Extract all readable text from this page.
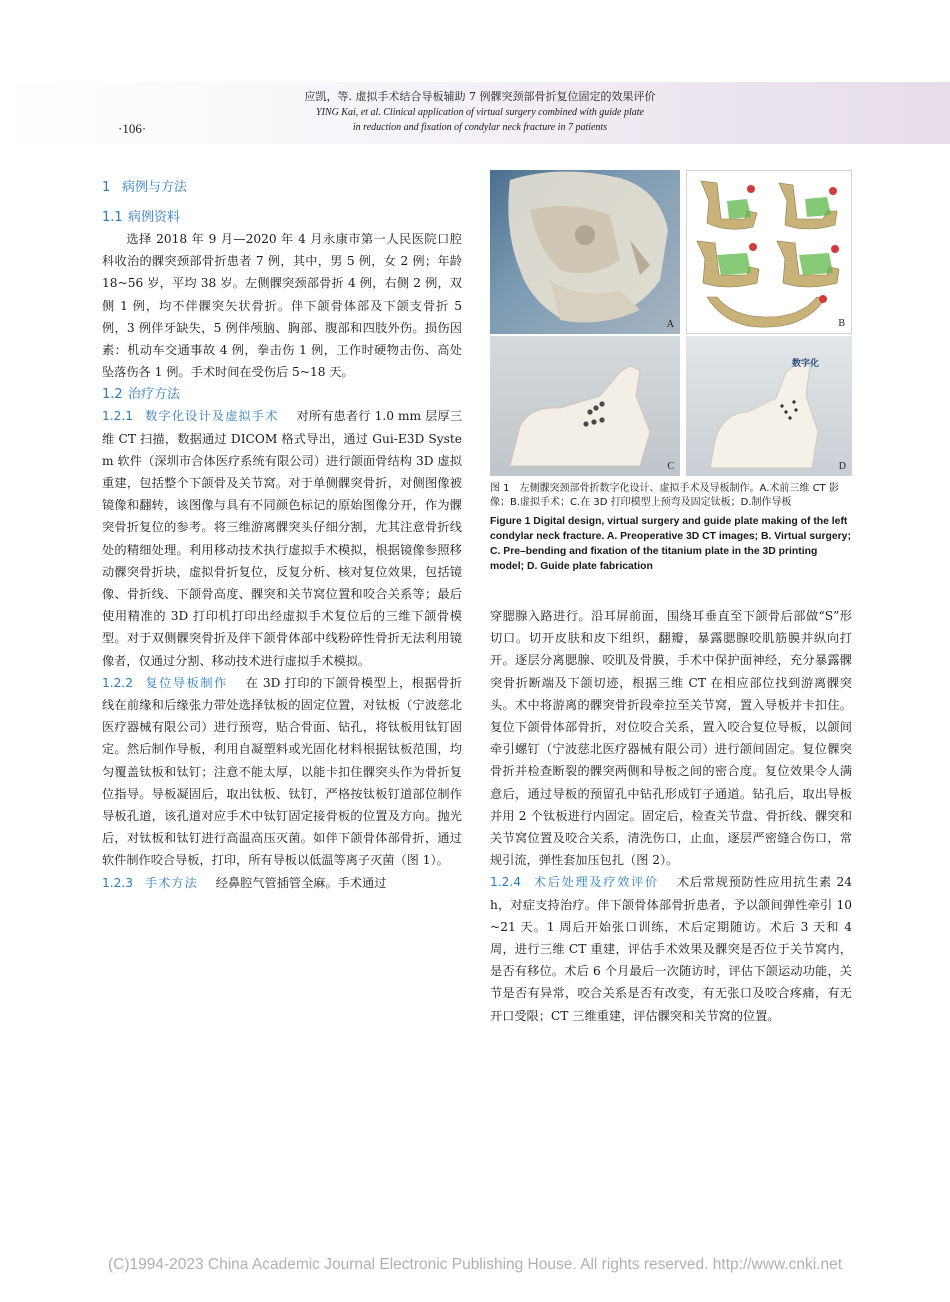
·106·
应凯，等. 虚拟手术结合导板辅助 7 例髁突颈部骨折复位固定的效果评价
YING Kai, et al. Clinical application of virtual surgery combined with guide plate
in reduction and fixation of condylar neck fracture in 7 patients
1 病例与方法
1.1 病例资料

选择 2018 年 9 月—2020 年 4 月永康市第一人民医院口腔科收治的髁突颈部骨折患者 7 例，其中，男 5 例，女 2 例；年龄 18~56 岁，平均 38 岁。左侧髁突颈部骨折 4 例，右侧 2 例，双侧 1 例，均不伴髁突矢状骨折。伴下颌骨体部及下颌支骨折 5 例，3 例伴牙缺失，5 例伴颅脑、胸部、腹部和四肢外伤。损伤因素：机动车交通事故 4 例，拳击伤 1 例，工作时硬物击伤、高处坠落伤各 1 例。手术时间在受伤后 5~18 天。

1.2 治疗方法

1.2.1 数字化设计及虚拟手术 对所有患者行 1.0 mm 层厚三维 CT 扫描，数据通过 DICOM 格式导出，通过 Gui-E3D System 软件（深圳市合体医疗系统有限公司）进行颌面骨结构 3D 虚拟重建，包括整个下颌骨及关节窝。对于单侧髁突骨折，对侧图像被镜像和翻转，该图像与具有不同颜色标记的原始图像分开，作为髁突骨折复位的参考。将三维游离髁突头仔细分割，尤其注意骨折线处的精细处理。利用移动技术执行虚拟手术模拟，根据镜像参照移动髁突骨折块，虚拟骨折复位，反复分析、核对复位效果，包括镜像、骨折线、下颌骨高度、髁突和关节窝位置和咬合关系等；最后使用精准的 3D 打印机打印出经虚拟手术复位后的三维下颌骨模型。对于双侧髁突骨折及伴下颌骨体部中线粉碎性骨折无法利用镜像者，仅通过分割、移动技术进行虚拟手术模拟。

1.2.2 复位导板制作 在 3D 打印的下颌骨模型上，根据骨折线在前缘和后缘张力带处选择钛板的固定位置，对钛板（宁波慈北医疗器械有限公司）进行预弯，贴合骨面、钻孔，将钛板用钛钉固定。然后制作导板，利用自凝塑料或光固化材料根据钛板范围，均匀覆盖钛板和钛钉；注意不能太厚，以能卡扣住髁突头作为骨折复位指导。导板凝固后，取出钛板、钛钉，严格按钛板钉道部位制作导板孔道，该孔道对应手术中钛钉固定接骨板的位置及方向。抛光后，对钛板和钛钉进行高温高压灭菌。如伴下颌骨体部骨折，通过软件制作咬合导板，打印，所有导板以低温等离子灭菌（图 1）。

1.2.3 手术方法 经鼻腔气管插管全麻。手术通过

A	B
C
数字化
D

图 1　左侧髁突颈部骨折数字化设计、虚拟手术及导板制作。A.术前三维 CT 影像；B.虚拟手术；C.在 3D 打印模型上预弯及固定钛板；D.制作导板

Figure 1 Digital design, virtual surgery and guide plate making of the left condylar neck fracture. A. Preoperative 3D CT images; B. Virtual surgery; C. Pre–bending and fixation of the titanium plate in the 3D printing model; D. Guide plate fabrication

穿腮腺入路进行。沿耳屏前面，围绕耳垂直至下颌骨后部做“S”形切口。切开皮肤和皮下组织，翻瓣，暴露腮腺咬肌筋膜并纵向打开。逐层分离腮腺、咬肌及骨膜，手术中保护面神经，充分暴露髁突骨折断端及下颌切迹，根据三维 CT 在相应部位找到游离髁突头。术中将游离的髁突骨折段牵拉至关节窝，置入导板并卡扣住。复位下颌骨体部骨折，对位咬合关系，置入咬合复位导板，以颌间牵引螺钉（宁波慈北医疗器械有限公司）进行颌间固定。复位髁突骨折并检查断裂的髁突两侧和导板之间的密合度。复位效果令人满意后，通过导板的预留孔中钻孔形成钉子通道。钻孔后，取出导板并用 2 个钛板进行内固定。固定后，检查关节盘、骨折线、髁突和关节窝位置及咬合关系，清洗伤口，止血，逐层严密缝合伤口，常规引流，弹性套加压包扎（图 2）。

1.2.4 术后处理及疗效评价 术后常规预防性应用抗生素 24 h，对症支持治疗。伴下颌骨体部骨折患者，予以颌间弹性牵引 10~21 天。1 周后开始张口训练，术后定期随访。术后 3 天和 4 周，进行三维 CT 重建，评估手术效果及髁突是否位于关节窝内，是否有移位。术后 6 个月最后一次随访时，评估下颌运动功能，关节是否有异常，咬合关系是否有改变，有无张口及咬合疼痛，有无开口受限；CT 三维重建，评估髁突和关节窝的位置。

(C)1994-2023 China Academic Journal Electronic Publishing House. All rights reserved. http://www.cnki.net
